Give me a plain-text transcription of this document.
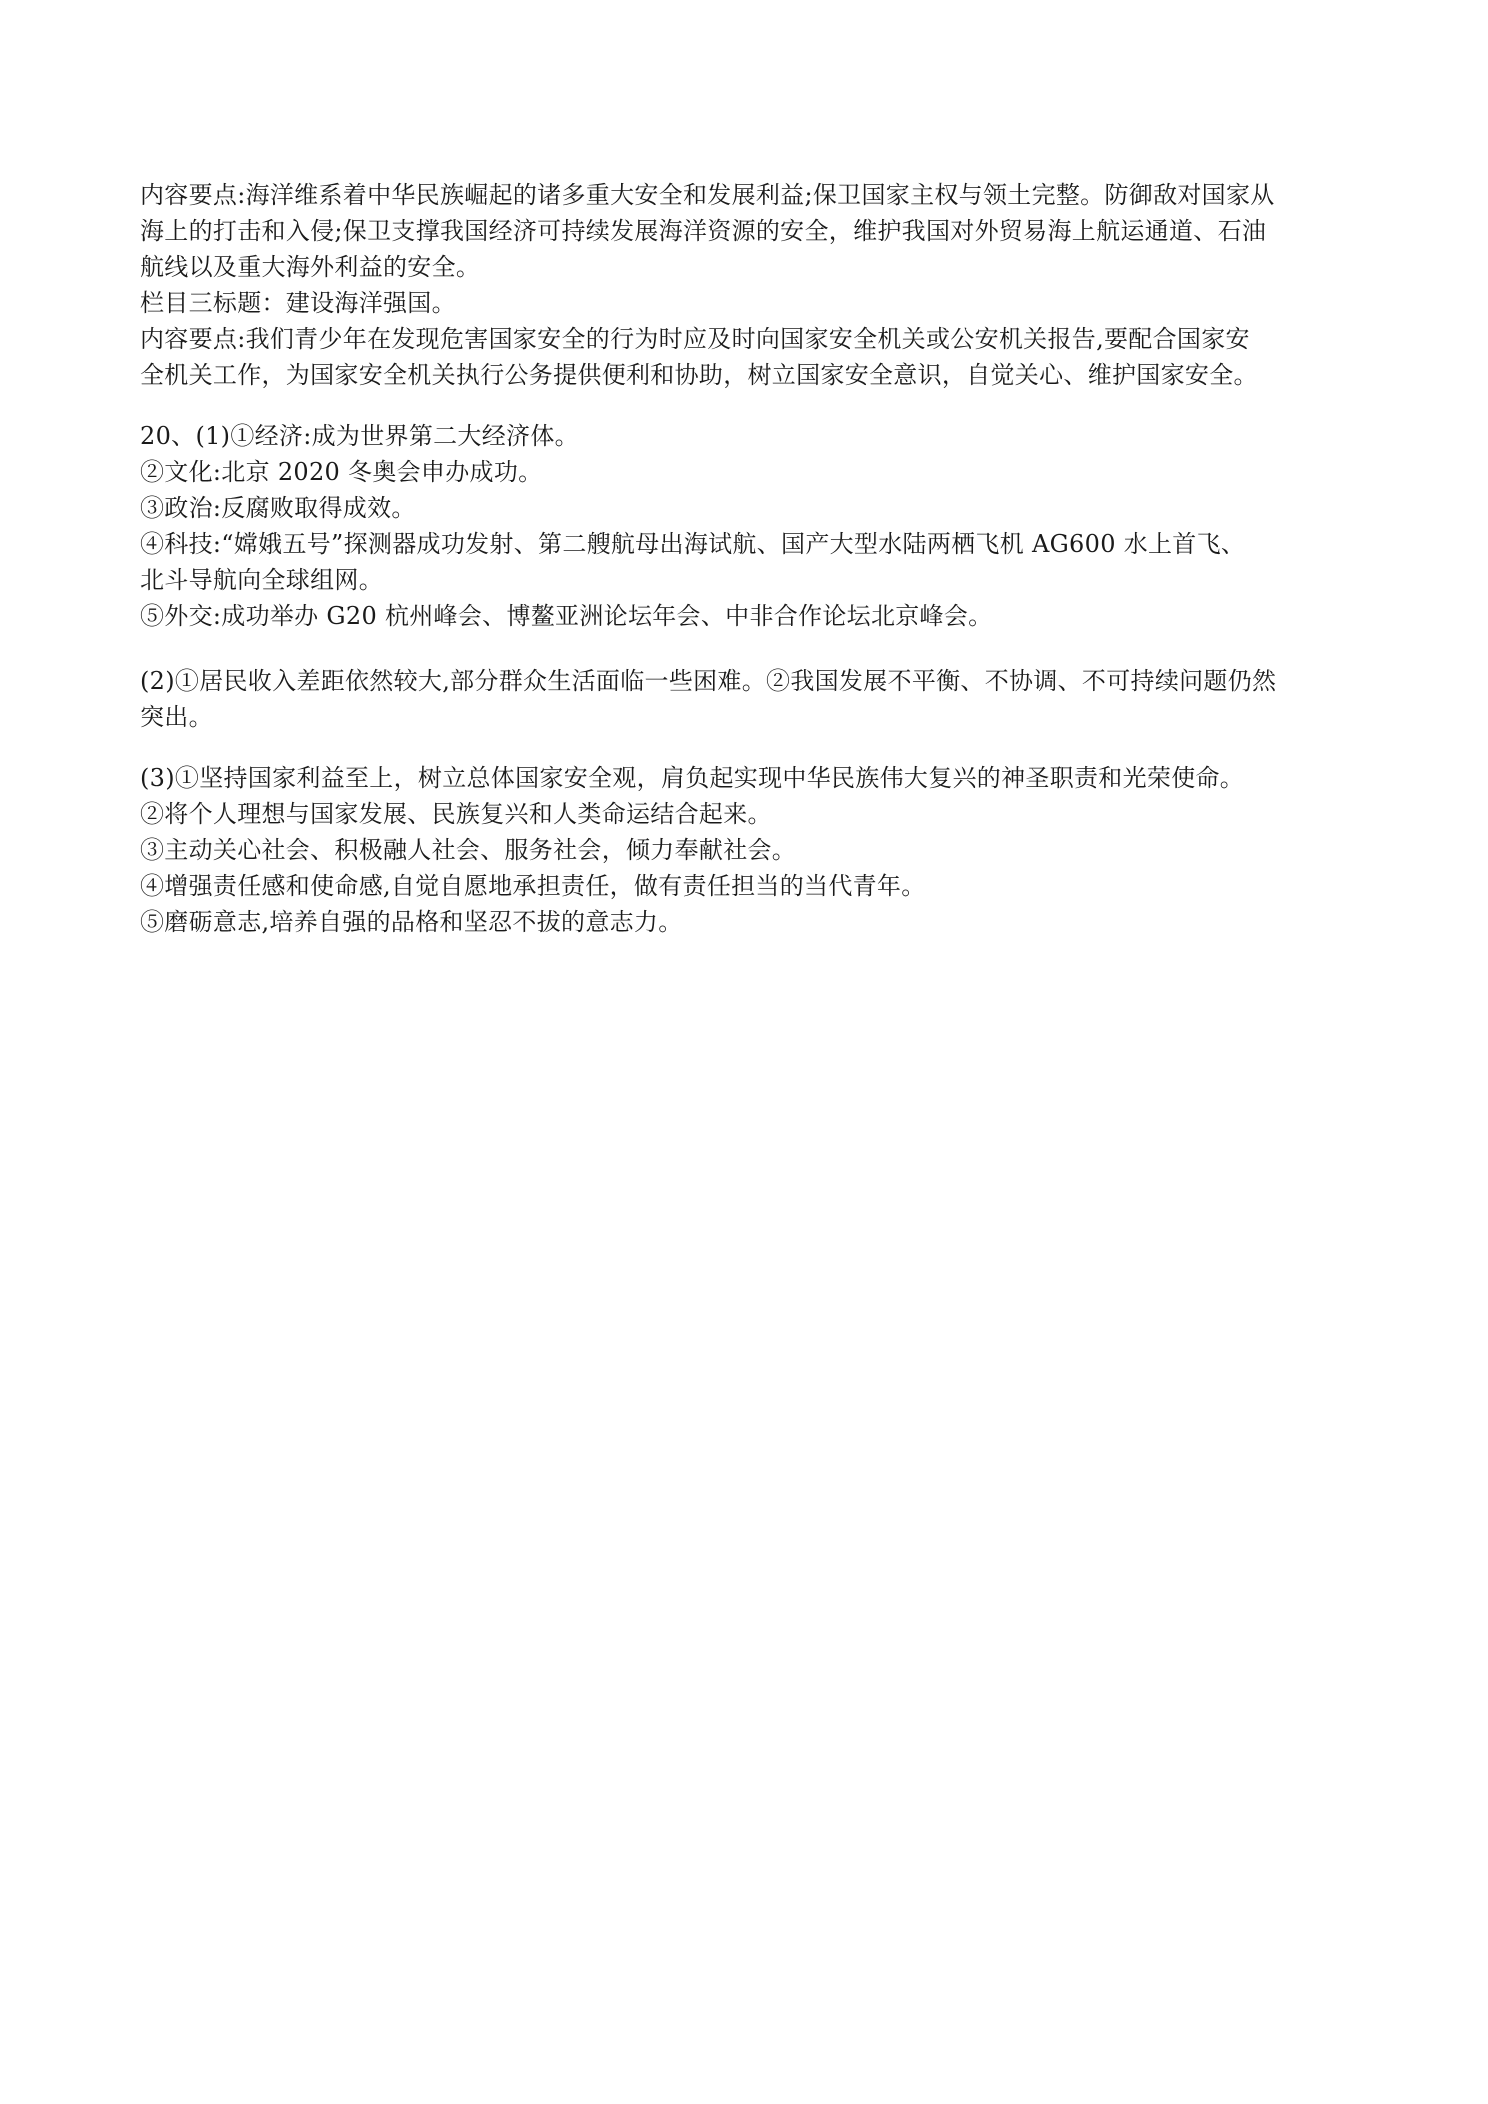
内容要点:海洋维系着中华民族崛起的诸多重大安全和发展利益;保卫国家主权与领土完整。防御敌对国家从
海上的打击和入侵;保卫支撑我国经济可持续发展海洋资源的安全，维护我国对外贸易海上航运通道、石油
航线以及重大海外利益的安全。
栏目三标题：建设海洋强国。
内容要点:我们青少年在发现危害国家安全的行为时应及时向国家安全机关或公安机关报告,要配合国家安
全机关工作，为国家安全机关执行公务提供便利和协助，树立国家安全意识，自觉关心、维护国家安全。
20、(1)①经济:成为世界第二大经济体。
②文化:北京 2020 冬奥会申办成功。
③政治:反腐败取得成效。
④科技:“嫦娥五号”探测器成功发射、第二艘航母出海试航、国产大型水陆两栖飞机 AG600 水上首飞、
北斗导航向全球组网。
⑤外交:成功举办 G20 杭州峰会、博鳌亚洲论坛年会、中非合作论坛北京峰会。
(2)①居民收入差距依然较大,部分群众生活面临一些困难。②我国发展不平衡、不协调、不可持续问题仍然
突出。
(3)①坚持国家利益至上，树立总体国家安全观，肩负起实现中华民族伟大复兴的神圣职责和光荣使命。
②将个人理想与国家发展、民族复兴和人类命运结合起来。
③主动关心社会、积极融人社会、服务社会，倾力奉献社会。
④增强责任感和使命感,自觉自愿地承担责任，做有责任担当的当代青年。
⑤磨砺意志,培养自强的品格和坚忍不拔的意志力。
